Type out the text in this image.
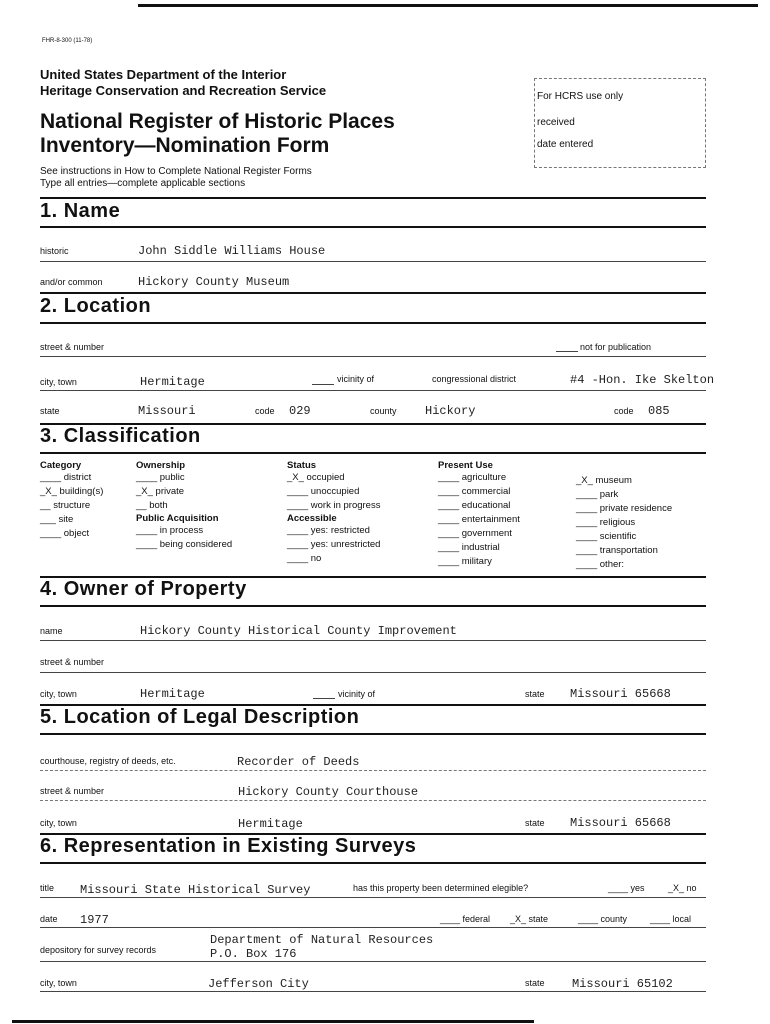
FHR-8-300 (11-78)
United States Department of the Interior
Heritage Conservation and Recreation Service
National Register of Historic Places
Inventory—Nomination Form
See instructions in How to Complete National Register Forms
Type all entries—complete applicable sections
For HCRS use only
received
date entered
1. Name
historic	John Siddle Williams House
and/or common	Hickory County Museum
2. Location
street & number	not for publication
city, town	Hermitage	vicinity of	congressional district	#4 -Hon. Ike Skelton
state	Missouri	code 029	county Hickory	code 085
3. Classification
Category
____ district
_X_ building(s)
__ structure
___ site
____ object
Ownership
____ public
_X_ private
__ both
Public Acquisition
____ in process
____ being considered
Status
_X_ occupied
____ unoccupied
____ work in progress
Accessible
____ yes: restricted
____ yes: unrestricted
____ no
Present Use
____ agriculture
____ commercial
____ educational
____ entertainment
____ government
____ industrial
____ military
_X_ museum
____ park
____ private residence
____ religious
____ scientific
____ transportation
____ other:
4. Owner of Property
name	Hickory County Historical County Improvement
street & number
city, town	Hermitage	vicinity of	state Missouri 65668
5. Location of Legal Description
courthouse, registry of deeds, etc.	Recorder of Deeds
street & number	Hickory County Courthouse
city, town	Hermitage	state Missouri 65668
6. Representation in Existing Surveys
title Missouri State Historical Survey	has this property been determined elegible?	____ yes	_X_ no
date 1977	____ federal _X_ state	____ county	____ local
depository for survey records
Department of Natural Resources
P.O. Box 176
city, town	Jefferson City	state Missouri 65102
